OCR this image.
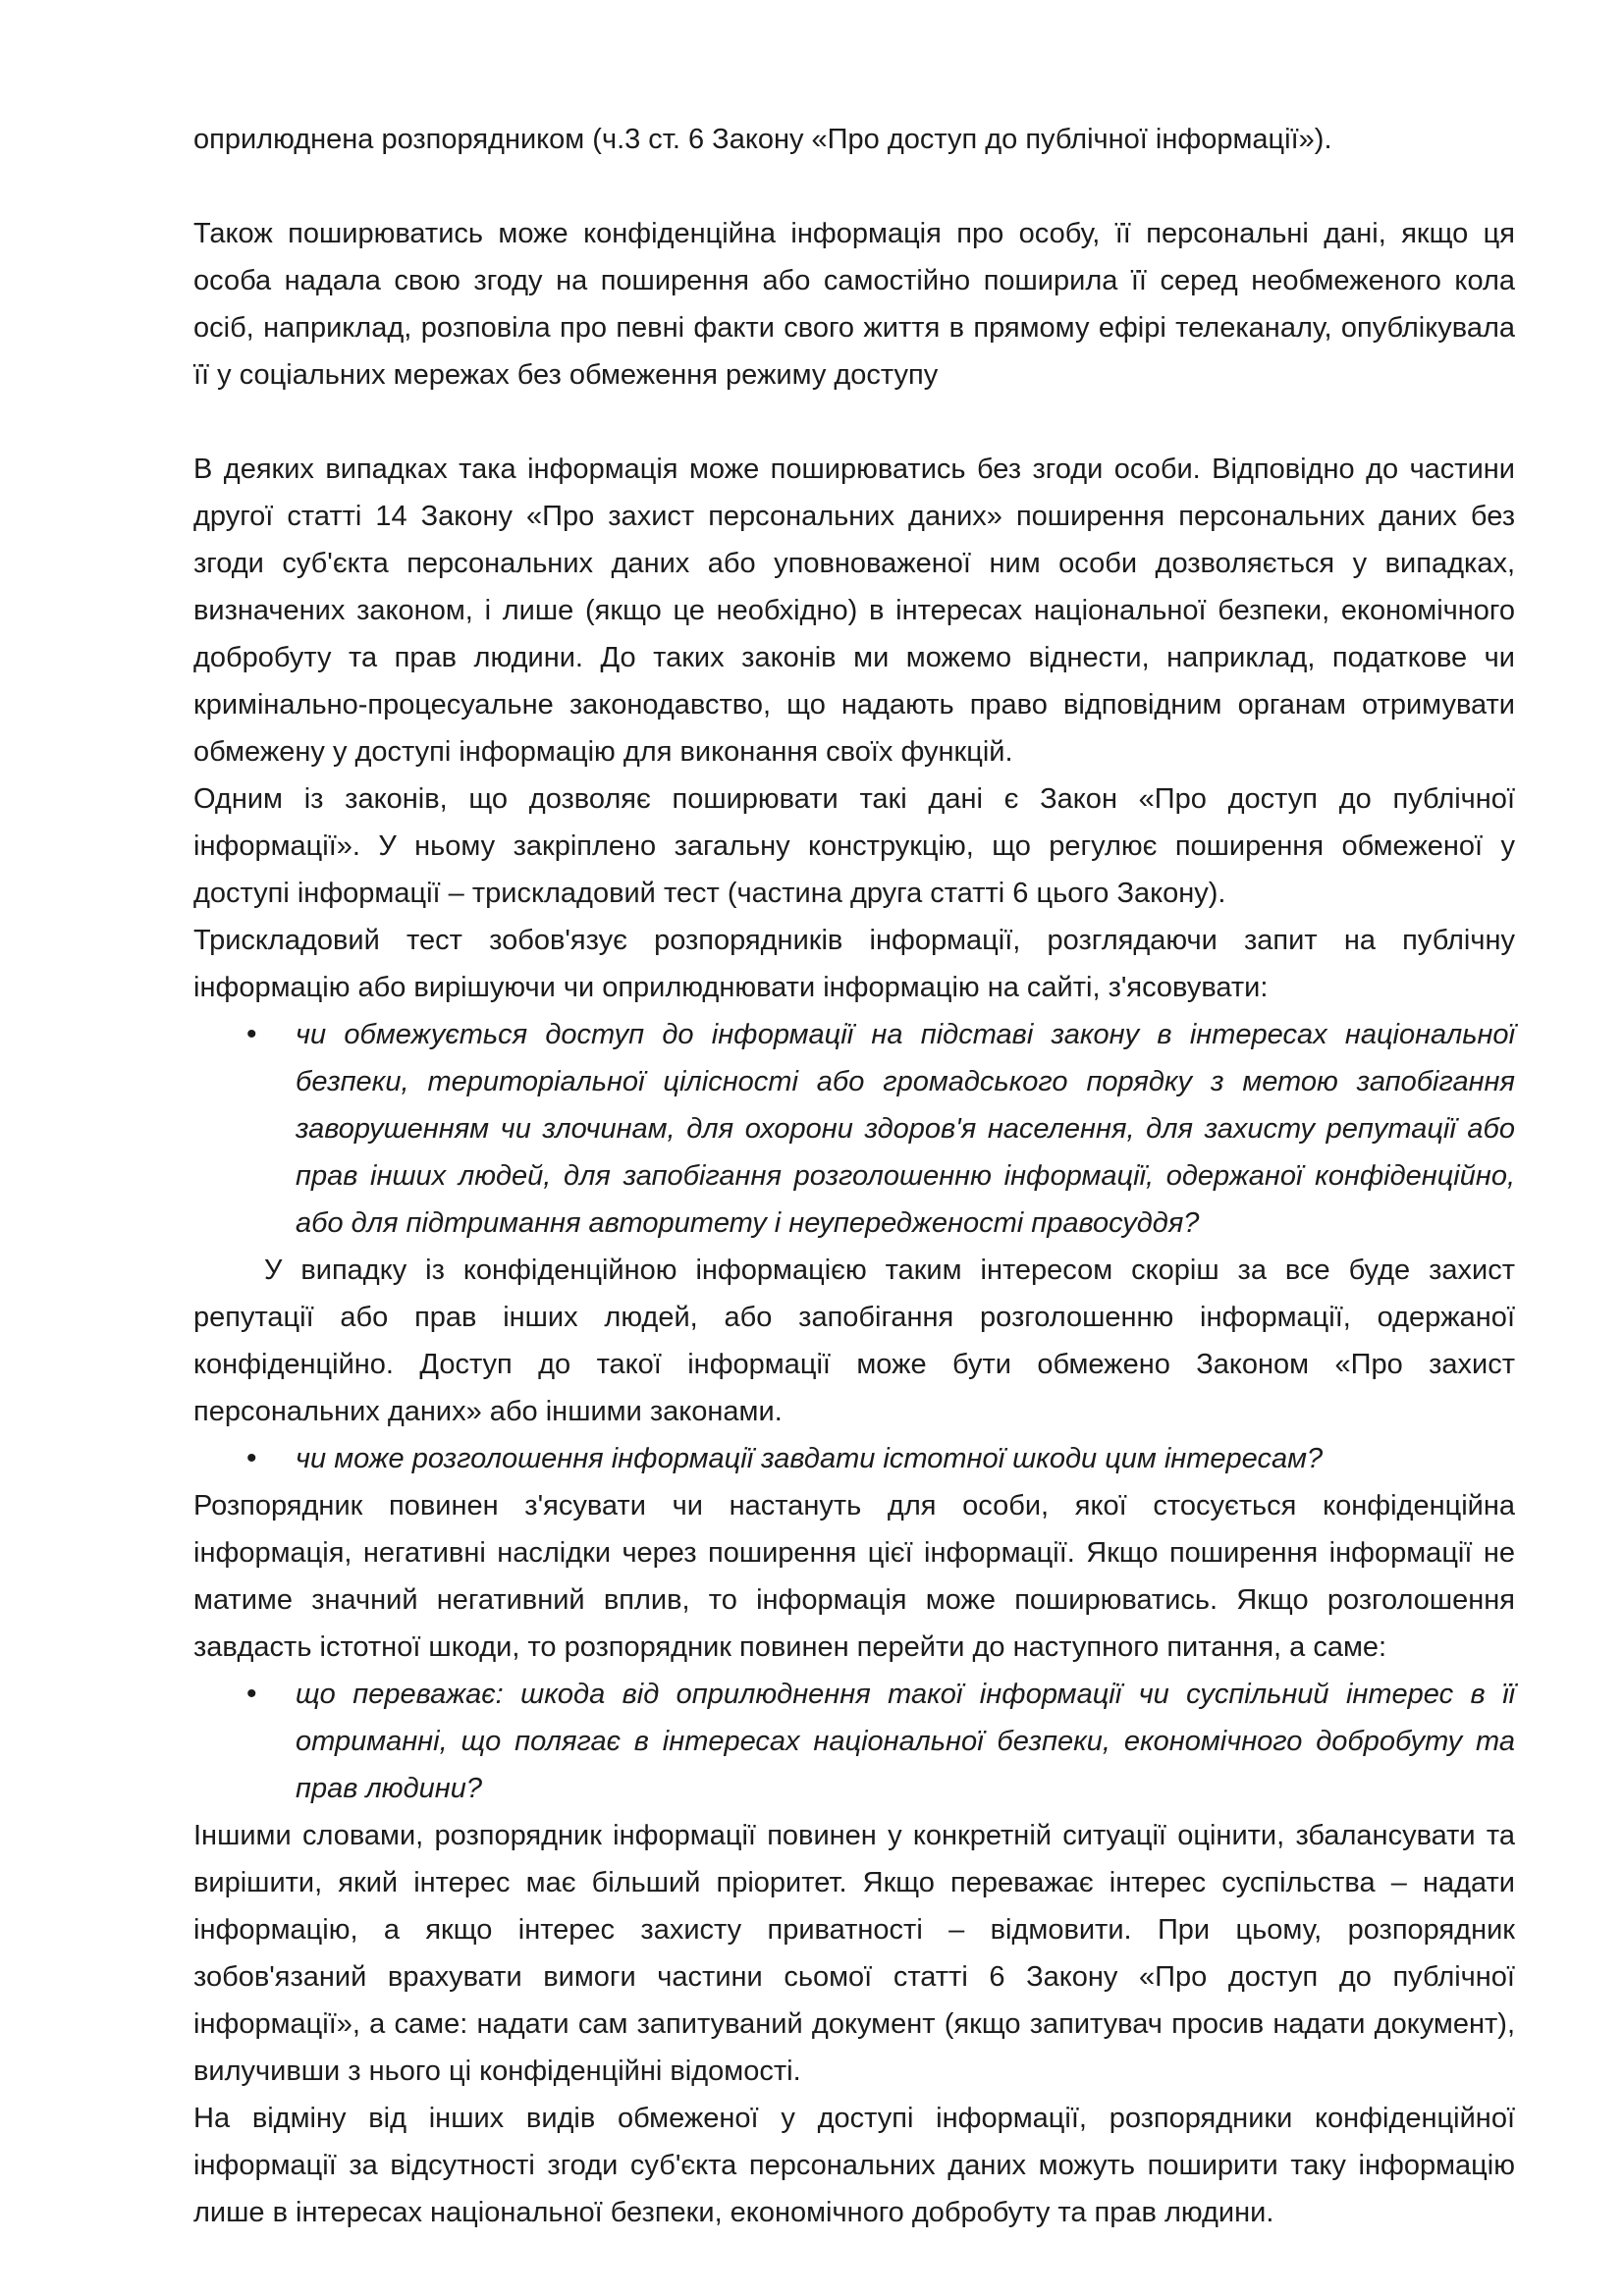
оприлюднена розпорядником (ч.3 ст. 6 Закону «Про доступ до публічної інформації»).

Також поширюватись може конфіденційна інформація про особу, її персональні дані, якщо ця особа надала свою згоду на поширення або самостійно поширила її серед необмеженого кола осіб, наприклад, розповіла про певні факти свого життя в прямому ефірі телеканалу, опублікувала її у соціальних мережах без обмеження режиму доступу

В деяких випадках така інформація може поширюватись без згоди особи. Відповідно до частини другої статті 14 Закону «Про захист персональних даних» поширення персональних даних без згоди суб'єкта персональних даних або уповноваженої ним особи дозволяється у випадках, визначених законом, і лише (якщо це необхідно) в інтересах національної безпеки, економічного добробуту та прав людини. До таких законів ми можемо віднести, наприклад, податкове чи кримінально-процесуальне законодавство, що надають право відповідним органам отримувати обмежену у доступі інформацію для виконання своїх функцій.

Одним із законів, що дозволяє поширювати такі дані є Закон «Про доступ до публічної інформації». У ньому закріплено загальну конструкцію, що регулює поширення обмеженої у доступі інформації – трискладовий тест (частина друга статті 6 цього Закону).

Трискладовий тест зобов'язує розпорядників інформації, розглядаючи запит на публічну інформацію або вирішуючи чи оприлюднювати інформацію на сайті, з'ясовувати:

• чи обмежується доступ до інформації на підставі закону в інтересах національної безпеки, територіальної цілісності або громадського порядку з метою запобігання заворушенням чи злочинам, для охорони здоров'я населення, для захисту репутації або прав інших людей, для запобігання розголошенню інформації, одержаної конфіденційно, або для підтримання авторитету і неупередженості правосуддя?

У випадку із конфіденційною інформацією таким інтересом скоріш за все буде захист репутації або прав інших людей, або запобігання розголошенню інформації, одержаної конфіденційно. Доступ до такої інформації може бути обмежено Законом «Про захист персональних даних» або іншими законами.

• чи може розголошення інформації завдати істотної шкоди цим інтересам?

Розпорядник повинен з'ясувати чи настануть для особи, якої стосується конфіденційна інформація, негативні наслідки через поширення цієї інформації. Якщо поширення інформації не матиме значний негативний вплив, то інформація може поширюватись. Якщо розголошення завдасть істотної шкоди, то розпорядник повинен перейти до наступного питання, а саме:

• що переважає: шкода від оприлюднення такої інформації чи суспільний інтерес в її отриманні, що полягає в інтересах національної безпеки, економічного добробуту та прав людини?

Іншими словами, розпорядник інформації повинен у конкретній ситуації оцінити, збалансувати та вирішити, який інтерес має більший пріоритет. Якщо переважає інтерес суспільства – надати інформацію, а якщо інтерес захисту приватності – відмовити. При цьому, розпорядник зобов'язаний врахувати вимоги частини сьомої статті 6 Закону «Про доступ до публічної інформації», а саме: надати сам запитуваний документ (якщо запитувач просив надати документ), вилучивши з нього ці конфіденційні відомості.

На відміну від інших видів обмеженої у доступі інформації, розпорядники конфіденційної інформації за відсутності згоди суб'єкта персональних даних можуть поширити таку інформацію лише в інтересах національної безпеки, економічного добробуту та прав людини.
